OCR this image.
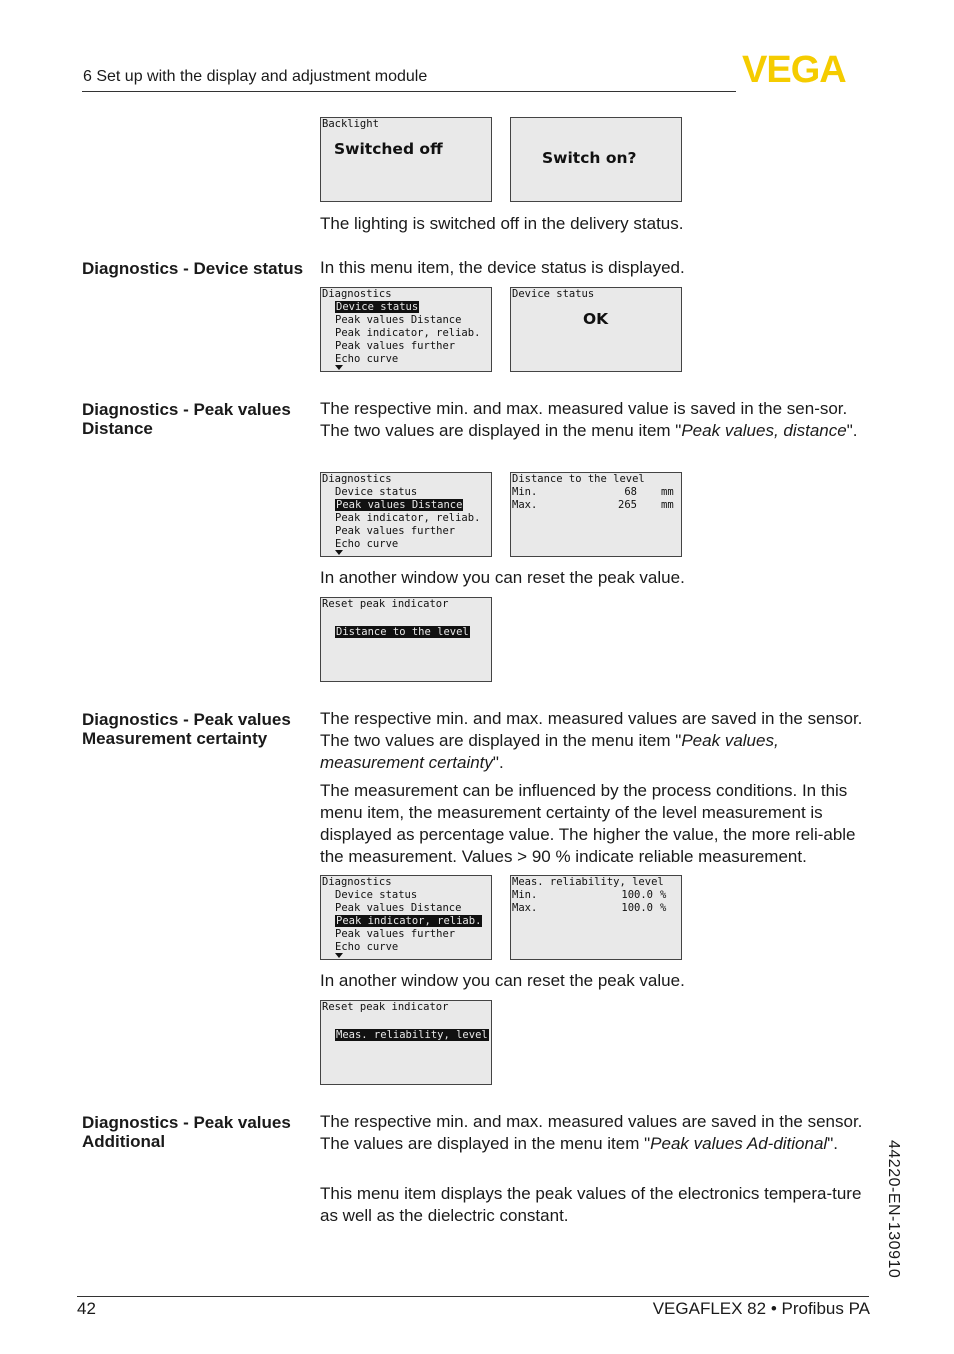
6 Set up with the display and adjustment module	VEGA
Backlight
Switched off	Switch on?
The lighting is switched off in the delivery status.
Diagnostics - Device status In this menu item, the device status is displayed.
Diagnostics
Device status
Peak values Distance
Peak indicator, reliab.
Peak values further
Echo curve
Device status
OK
Diagnostics - Peak values Distance
The respective min. and max. measured value is saved in the sen-sor. The two values are displayed in the menu item "Peak values, distance".
Diagnostics
Device status
Peak values Distance
Peak indicator, reliab.
Peak values further
Echo curve
Distance to the level
Min.	68 mm
Max.	265 mm
In another window you can reset the peak value.
Reset peak indicator
Distance to the level
Diagnostics - Peak values Measurement certainty
The respective min. and max. measured values are saved in the sensor. The two values are displayed in the menu item "Peak values, measurement certainty".
The measurement can be influenced by the process conditions. In this menu item, the measurement certainty of the level measurement is displayed as percentage value. The higher the value, the more reli-able the measurement. Values > 90 % indicate reliable measurement.
Diagnostics
Device status
Peak values Distance
Peak indicator, reliab.
Peak values further
Echo curve
Meas. reliability, level
Min.	100.0 %
Max.	100.0 %
In another window you can reset the peak value.
Reset peak indicator
Meas. reliability, level
Diagnostics - Peak values Additional
The respective min. and max. measured values are saved in the sensor. The values are displayed in the menu item "Peak values Ad-ditional".
This menu item displays the peak values of the electronics tempera-ture as well as the dielectric constant.	44220-EN-130910
42	VEGAFLEX 82 • Profibus PA
